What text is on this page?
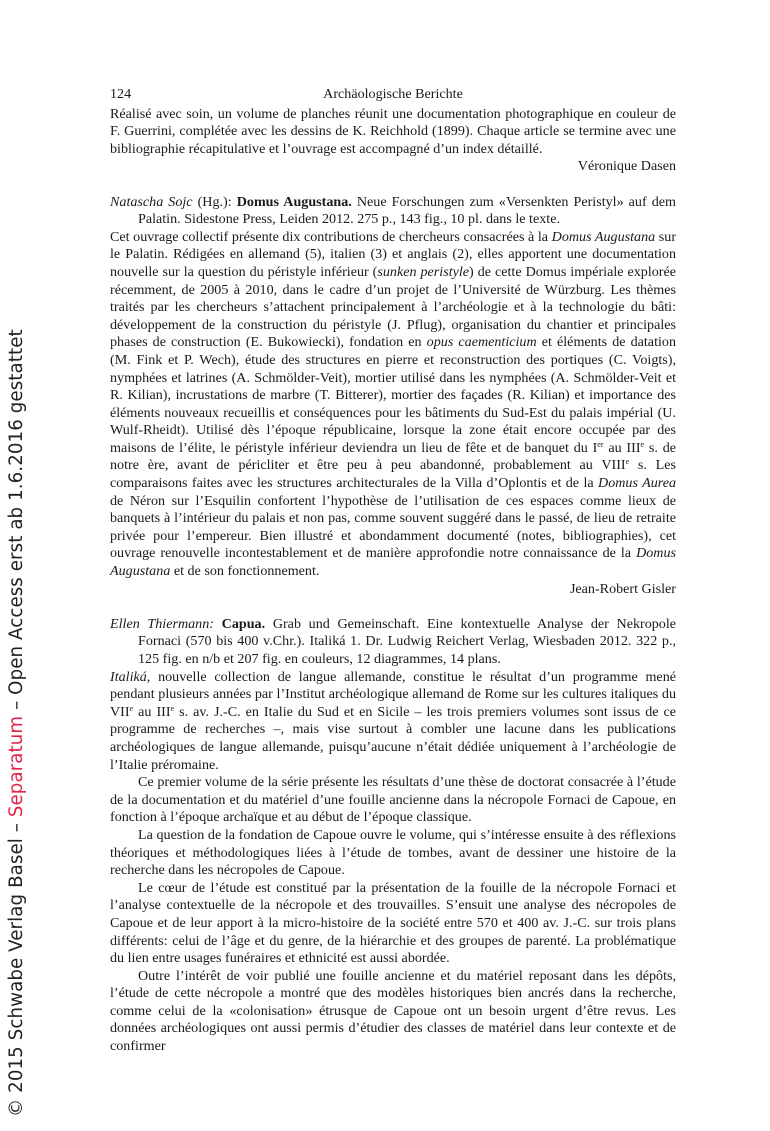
© 2015 Schwabe Verlag Basel – Separatum – Open Access erst ab 1.6.2016 gestattet
124	Archäologische Berichte

Réalisé avec soin, un volume de planches réunit une documentation photographique en couleur de F. Guerrini, complétée avec les dessins de K. Reichhold (1899). Chaque article se termine avec une bibliographie récapitulative et l’ouvrage est accompagné d’un index détaillé.

Véronique Dasen

Natascha Sojc (Hg.): Domus Augustana. Neue Forschungen zum «Versenkten Peristyl» auf dem Palatin. Sidestone Press, Leiden 2012. 275 p., 143 fig., 10 pl. dans le texte.

Cet ouvrage collectif présente dix contributions de chercheurs consacrées à la Domus Augustana sur le Palatin. Rédigées en allemand (5), italien (3) et anglais (2), elles apportent une documentation nouvelle sur la question du péristyle inférieur (sunken peristyle) de cette Domus impériale explorée récemment, de 2005 à 2010, dans le cadre d’un projet de l’Université de Würzburg. Les thèmes traités par les chercheurs s’attachent principalement à l’archéologie et à la technologie du bâti: développement de la construction du péristyle (J. Pflug), organisation du chantier et principales phases de construction (E. Bukowiecki), fondation en opus caementicium et éléments de datation (M. Fink et P. Wech), étude des structures en pierre et reconstruction des portiques (C. Voigts), nymphées et latrines (A. Schmölder-Veit), mortier utilisé dans les nymphées (A. Schmölder-Veit et R. Kilian), incrustations de marbre (T. Bitterer), mortier des façades (R. Kilian) et importance des éléments nouveaux recueillis et conséquences pour les bâtiments du Sud-Est du palais impérial (U. Wulf-Rheidt). Utilisé dès l’époque républicaine, lorsque la zone était encore occupée par des maisons de l’élite, le péristyle inférieur deviendra un lieu de fête et de banquet du Ier au IIIe s. de notre ère, avant de péricliter et être peu à peu abandonné, probablement au VIIIe s. Les comparaisons faites avec les structures architecturales de la Villa d’Oplontis et de la Domus Aurea de Néron sur l’Esquilin confortent l’hypothèse de l’utilisation de ces espaces comme lieux de banquets à l’intérieur du palais et non pas, comme souvent suggéré dans le passé, de lieu de retraite privée pour l’empereur. Bien illustré et abondamment documenté (notes, bibliographies), cet ouvrage renouvelle incontestablement et de manière approfondie notre connaissance de la Domus Augustana et de son fonctionnement.

Jean-Robert Gisler

Ellen Thiermann: Capua. Grab und Gemeinschaft. Eine kontextuelle Analyse der Nekropole Fornaci (570 bis 400 v.Chr.). Italiká 1. Dr. Ludwig Reichert Verlag, Wiesbaden 2012. 322 p., 125 fig. en n/b et 207 fig. en couleurs, 12 diagrammes, 14 plans.

Italiká, nouvelle collection de langue allemande, constitue le résultat d’un programme mené pendant plusieurs années par l’Institut archéologique allemand de Rome sur les cultures italiques du VIIe au IIIe s. av. J.-C. en Italie du Sud et en Sicile – les trois premiers volumes sont issus de ce programme de recherches –, mais vise surtout à combler une lacune dans les publications archéologiques de langue allemande, puisqu’aucune n’était dédiée uniquement à l’archéologie de l’Italie préromaine.

Ce premier volume de la série présente les résultats d’une thèse de doctorat consacrée à l’étude de la documentation et du matériel d’une fouille ancienne dans la nécropole Fornaci de Capoue, en fonction à l’époque archaïque et au début de l’époque classique.

La question de la fondation de Capoue ouvre le volume, qui s’intéresse ensuite à des réflexions théoriques et méthodologiques liées à l’étude de tombes, avant de dessiner une histoire de la recherche dans les nécropoles de Capoue.

Le cœur de l’étude est constitué par la présentation de la fouille de la nécropole Fornaci et l’analyse contextuelle de la nécropole et des trouvailles. S’ensuit une analyse des nécropoles de Capoue et de leur apport à la micro-histoire de la société entre 570 et 400 av. J.-C. sur trois plans différents: celui de l’âge et du genre, de la hiérarchie et des groupes de parenté. La problématique du lien entre usages funéraires et ethnicité est aussi abordée.

Outre l’intérêt de voir publié une fouille ancienne et du matériel reposant dans les dépôts, l’étude de cette nécropole a montré que des modèles historiques bien ancrés dans la recherche, comme celui de la «colonisation» étrusque de Capoue ont un besoin urgent d’être revus. Les données archéologiques ont aussi permis d’étudier des classes de matériel dans leur contexte et de confirmer
